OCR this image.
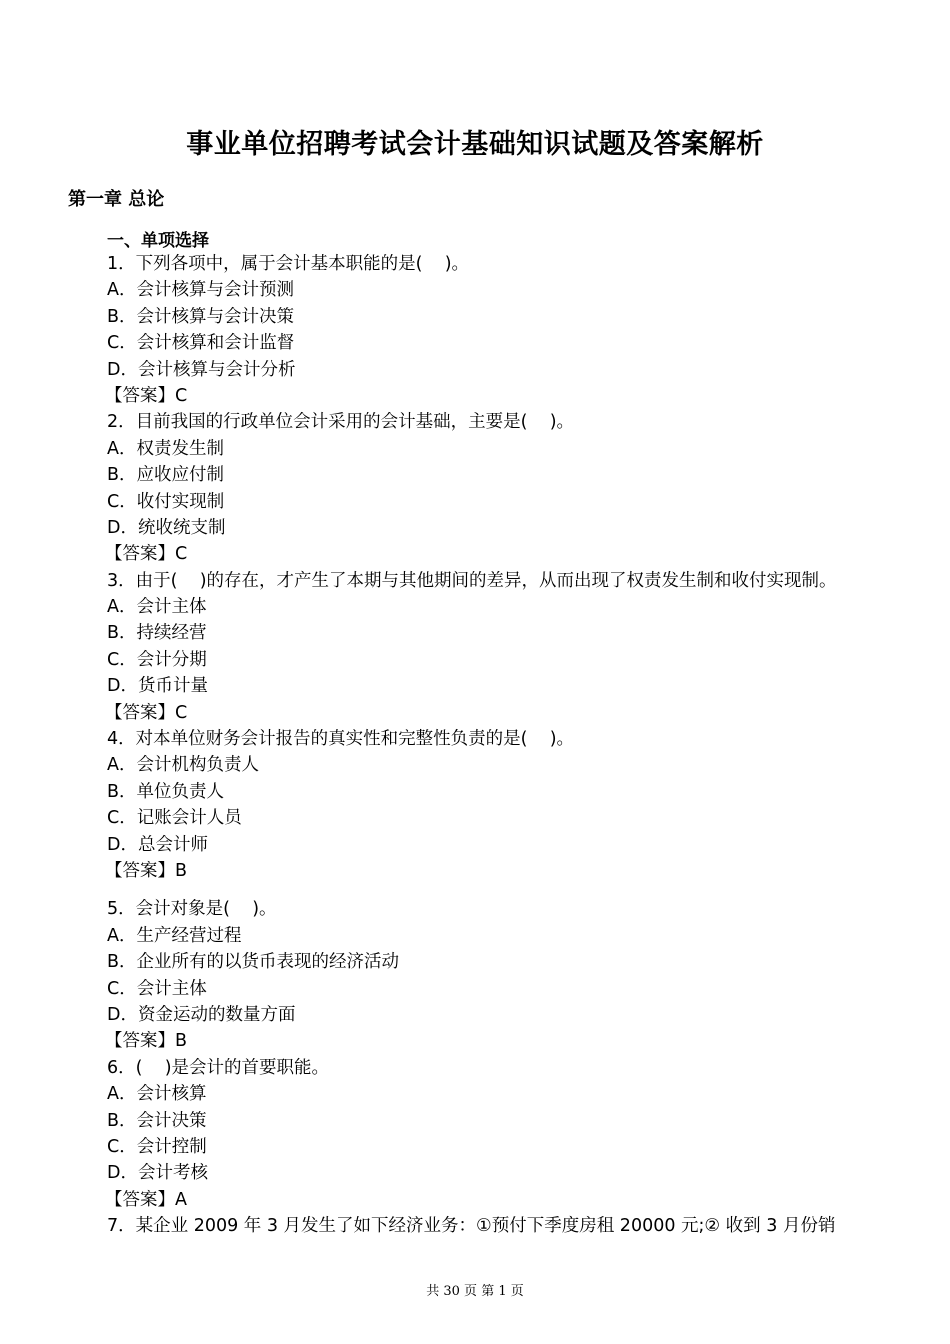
事业单位招聘考试会计基础知识试题及答案解析
第一章 总论
一、单项选择
1．下列各项中，属于会计基本职能的是(    )。
A．会计核算与会计预测
B．会计核算与会计决策
C．会计核算和会计监督
D．会计核算与会计分析
【答案】C
2．目前我国的行政单位会计采用的会计基础，主要是(    )。
A．权责发生制
B．应收应付制
C．收付实现制
D．统收统支制
【答案】C
3．由于(    )的存在，才产生了本期与其他期间的差异，从而出现了权责发生制和收付实现制。
A．会计主体
B．持续经营
C．会计分期
D．货币计量
【答案】C
4．对本单位财务会计报告的真实性和完整性负责的是(    )。
A．会计机构负责人
B．单位负责人
C．记账会计人员
D．总会计师
【答案】B
5．会计对象是(    )。
A．生产经营过程
B．企业所有的以货币表现的经济活动
C．会计主体
D．资金运动的数量方面
【答案】B
6．(    )是会计的首要职能。
A．会计核算
B．会计决策
C．会计控制
D．会计考核
【答案】A
7．某企业 2009 年 3 月发生了如下经济业务：①预付下季度房租 20000 元;② 收到 3 月份销
共 30 页 第 1 页
